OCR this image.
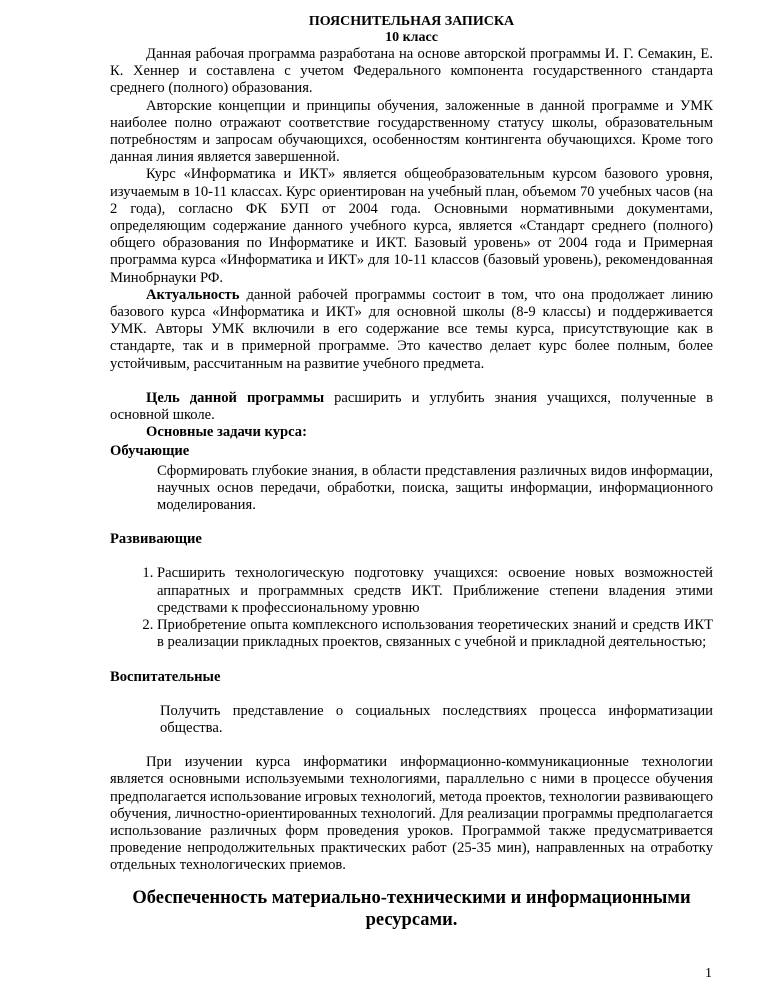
ПОЯСНИТЕЛЬНАЯ ЗАПИСКА
10 класс

Данная рабочая программа разработана на основе авторской программы И. Г. Семакин, Е. К. Хеннер и составлена с учетом Федерального компонента государственного стандарта среднего (полного) образования.

Авторские концепции и принципы обучения, заложенные в данной программе и УМК наиболее полно отражают соответствие государственному статусу школы, образовательным потребностям и запросам обучающихся, особенностям контингента обучающихся. Кроме того данная линия является завершенной.

Курс «Информатика и ИКТ» является общеобразовательным курсом базового уровня, изучаемым в 10-11 классах. Курс ориентирован на учебный план, объемом 70 учебных часов (на 2 года), согласно ФК БУП от 2004 года. Основными нормативными документами, определяющим содержание данного учебного курса, является «Стандарт среднего (полного) общего образования по Информатике и ИКТ. Базовый уровень» от 2004 года и Примерная программа курса «Информатика и ИКТ» для 10-11 классов (базовый уровень), рекомендованная Минобрнауки РФ.

Актуальность данной рабочей программы состоит в том, что она продолжает линию базового курса «Информатика и ИКТ» для основной школы (8-9 классы) и поддерживается УМК. Авторы УМК включили в его содержание все темы курса, присутствующие как в стандарте, так и в примерной программе. Это качество делает курс более полным, более устойчивым, рассчитанным на развитие учебного предмета.

Цель данной программы расширить и углубить знания учащихся, полученные в основной школе.

Основные задачи курса:

Обучающие

Сформировать глубокие знания, в области представления различных видов информации, научных основ передачи, обработки, поиска, защиты информации, информационного моделирования.

Развивающие

1. Расширить технологическую подготовку учащихся: освоение новых возможностей аппаратных и программных средств ИКТ. Приближение степени владения этими средствами к профессиональному уровню
2. Приобретение опыта комплексного использования теоретических знаний и средств ИКТ в реализации прикладных проектов, связанных с учебной и прикладной деятельностью;

Воспитательные

Получить представление о социальных последствиях процесса информатизации общества.

При изучении курса информатики информационно-коммуникационные технологии является основными используемыми технологиями, параллельно с ними в процессе обучения предполагается использование игровых технологий, метода проектов, технологии развивающего обучения, личностно-ориентированных технологий. Для реализации программы предполагается использование различных форм проведения уроков. Программой также предусматривается проведение непродолжительных практических работ (25-35 мин), направленных на отработку отдельных технологических приемов.

Обеспеченность материально-техническими и информационными ресурсами.
1
